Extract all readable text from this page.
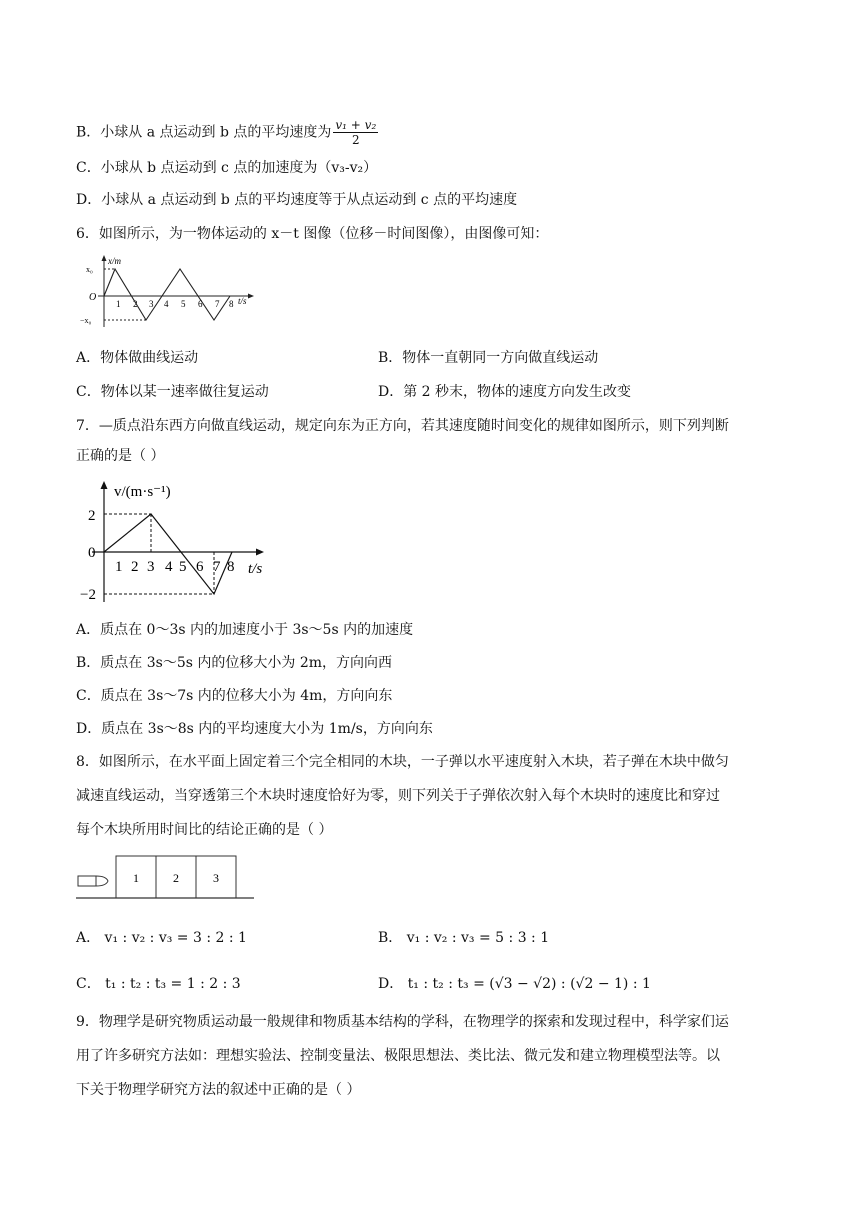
B．小球从 a 点运动到 b 点的平均速度为 $\frac{\text{v₁ + v₂}}{2}$
C．小球从 b 点运动到 c 点的加速度为（v₃-v₂）
D．小球从 a 点运动到 b 点的平均速度等于从点运动到 c 点的平均速度
6．如图所示，为一物体运动的 x－t 图像（位移－时间图像），由图像可知：
x/m
t/s
x₀
O
−x₀
1 2 3 4 5 6 7 8
A．物体做曲线运动	B．物体一直朝同一方向做直线运动
C．物体以某一速率做往复运动	D．第 2 秒末，物体的速度方向发生改变
7．—质点沿东西方向做直线运动，规定向东为正方向，若其速度随时间变化的规律如图所示，则下列判断
正确的是（ ）
v/(m·s⁻¹)
t/s
2
0
−2
1 2 3 4 5 6 7 8
A．质点在 0～3s 内的加速度小于 3s～5s 内的加速度
B．质点在 3s～5s 内的位移大小为 2m，方向向西
C．质点在 3s～7s 内的位移大小为 4m，方向向东
D．质点在 3s～8s 内的平均速度大小为 1m/s，方向向东
8．如图所示，在水平面上固定着三个完全相同的木块，一子弹以水平速度射入木块，若子弹在木块中做匀
减速直线运动，当穿透第三个木块时速度恰好为零，则下列关于子弹依次射入每个木块时的速度比和穿过
每个木块所用时间比的结论正确的是（ ）
1	2	3
A． v₁ : v₂ : v₃ = 3 : 2 : 1	B． v₁ : v₂ : v₃ = 5 : 3 : 1
C． t₁ : t₂ : t₃ = 1 : 2 : 3	D． t₁ : t₂ : t₃ = (√3 − √2) : (√2 − 1) : 1
9．物理学是研究物质运动最一般规律和物质基本结构的学科，在物理学的探索和发现过程中，科学家们运
用了许多研究方法如：理想实验法、控制变量法、极限思想法、类比法、微元发和建立物理模型法等。以
下关于物理学研究方法的叙述中正确的是（ ）
